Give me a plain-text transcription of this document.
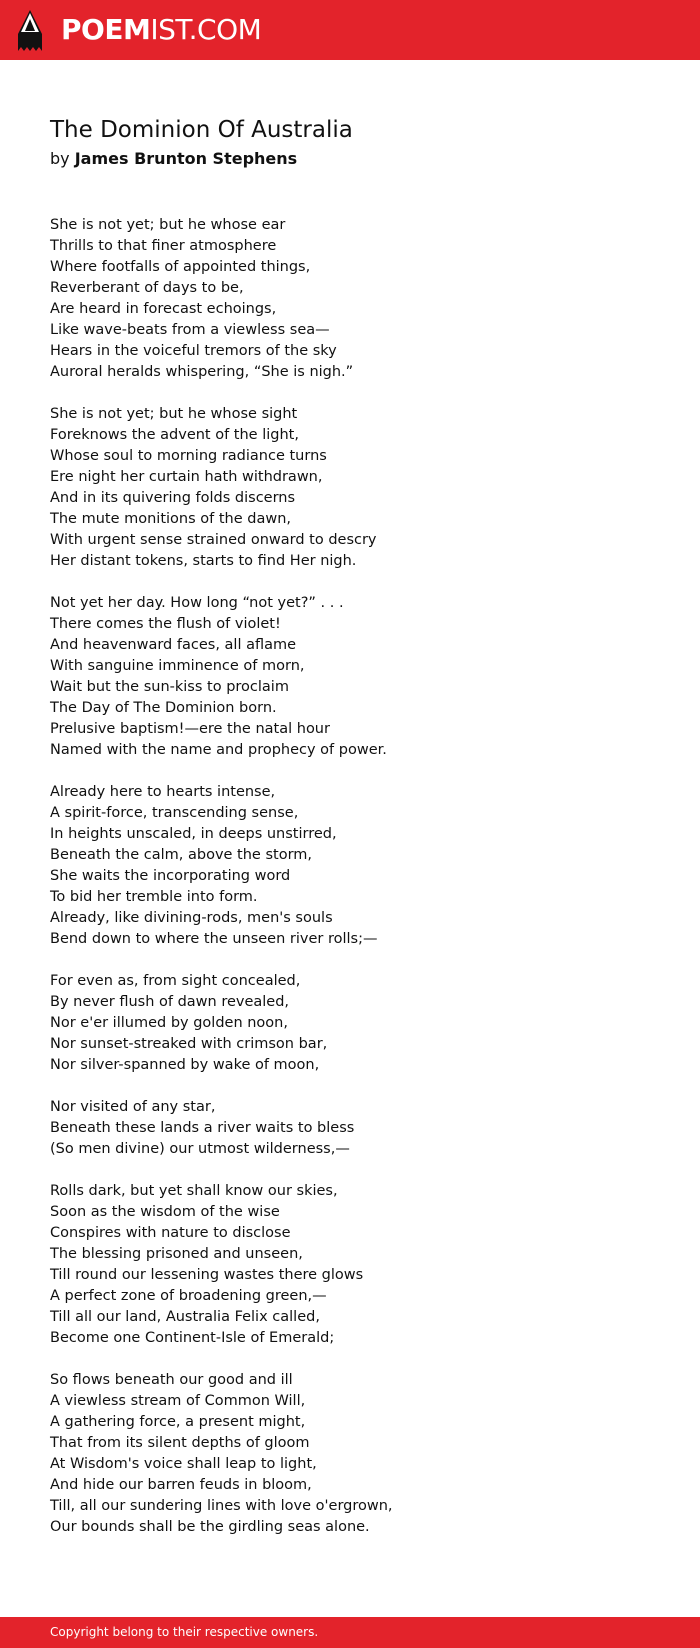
POEMIST.COM
The Dominion Of Australia

by James Brunton Stephens

She is not yet; but he whose ear
Thrills to that finer atmosphere
Where footfalls of appointed things,
Reverberant of days to be,
Are heard in forecast echoings,
Like wave-beats from a viewless sea—
Hears in the voiceful tremors of the sky
Auroral heralds whispering, “She is nigh.”
She is not yet; but he whose sight
Foreknows the advent of the light,
Whose soul to morning radiance turns
Ere night her curtain hath withdrawn,
And in its quivering folds discerns
The mute monitions of the dawn,
With urgent sense strained onward to descry
Her distant tokens, starts to find Her nigh.
Not yet her day. How long “not yet?” . . .
There comes the flush of violet!
And heavenward faces, all aflame
With sanguine imminence of morn,
Wait but the sun-kiss to proclaim
The Day of The Dominion born.
Prelusive baptism!—ere the natal hour
Named with the name and prophecy of power.
Already here to hearts intense,
A spirit-force, transcending sense,
In heights unscaled, in deeps unstirred,
Beneath the calm, above the storm,
She waits the incorporating word
To bid her tremble into form.
Already, like divining-rods, men's souls
Bend down to where the unseen river rolls;—
For even as, from sight concealed,
By never flush of dawn revealed,
Nor e'er illumed by golden noon,
Nor sunset-streaked with crimson bar,
Nor silver-spanned by wake of moon,
Nor visited of any star,
Beneath these lands a river waits to bless
(So men divine) our utmost wilderness,—
Rolls dark, but yet shall know our skies,
Soon as the wisdom of the wise
Conspires with nature to disclose
The blessing prisoned and unseen,
Till round our lessening wastes there glows
A perfect zone of broadening green,—
Till all our land, Australia Felix called,
Become one Continent-Isle of Emerald;
So flows beneath our good and ill
A viewless stream of Common Will,
A gathering force, a present might,
That from its silent depths of gloom
At Wisdom's voice shall leap to light,
And hide our barren feuds in bloom,
Till, all our sundering lines with love o'ergrown,
Our bounds shall be the girdling seas alone.
Copyright belong to their respective owners.
